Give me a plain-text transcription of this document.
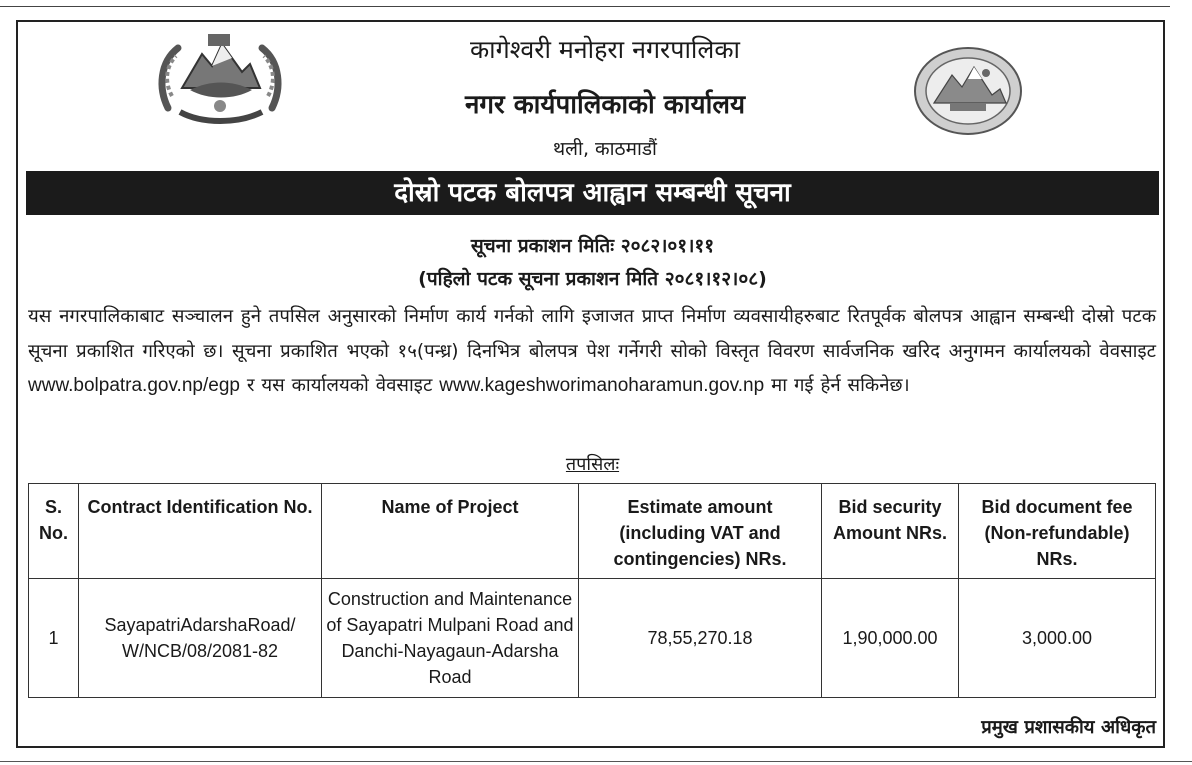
कागेश्वरी मनोहरा नगरपालिका
नगर कार्यपालिकाको कार्यालय
थली, काठमाडौं
दोस्रो पटक बोलपत्र आह्वान सम्बन्धी सूचना
सूचना प्रकाशन मितिः २०८२।०१।११
(पहिलो पटक सूचना प्रकाशन मिति २०८१।१२।०८)
यस नगरपालिकाबाट सञ्चालन हुने तपसिल अनुसारको निर्माण कार्य गर्नको लागि इजाजत प्राप्त निर्माण व्यवसायीहरुबाट रितपूर्वक बोलपत्र आह्वान सम्बन्धी दोस्रो पटक सूचना प्रकाशित गरिएको छ। सूचना प्रकाशित भएको १५(पन्ध्र) दिनभित्र बोलपत्र पेश गर्नेगरी सोको विस्तृत विवरण सार्वजनिक खरिद अनुगमन कार्यालयको वेवसाइट www.bolpatra.gov.np/egp र यस कार्यालयको वेवसाइट www.kageshworimanoharamun.gov.np मा गई हेर्न सकिनेछ।
तपसिलः
S. No.	Contract Identification No.	Name of Project	Estimate amount (including VAT and contingencies) NRs.	Bid security Amount NRs.	Bid document fee (Non-refundable) NRs.
1	SayapatriAdarshaRoad/ W/NCB/08/2081-82	Construction and Maintenance of Sayapatri Mulpani Road and Danchi-Nayagaun-Adarsha Road	78,55,270.18	1,90,000.00	3,000.00
प्रमुख प्रशासकीय अधिकृत
